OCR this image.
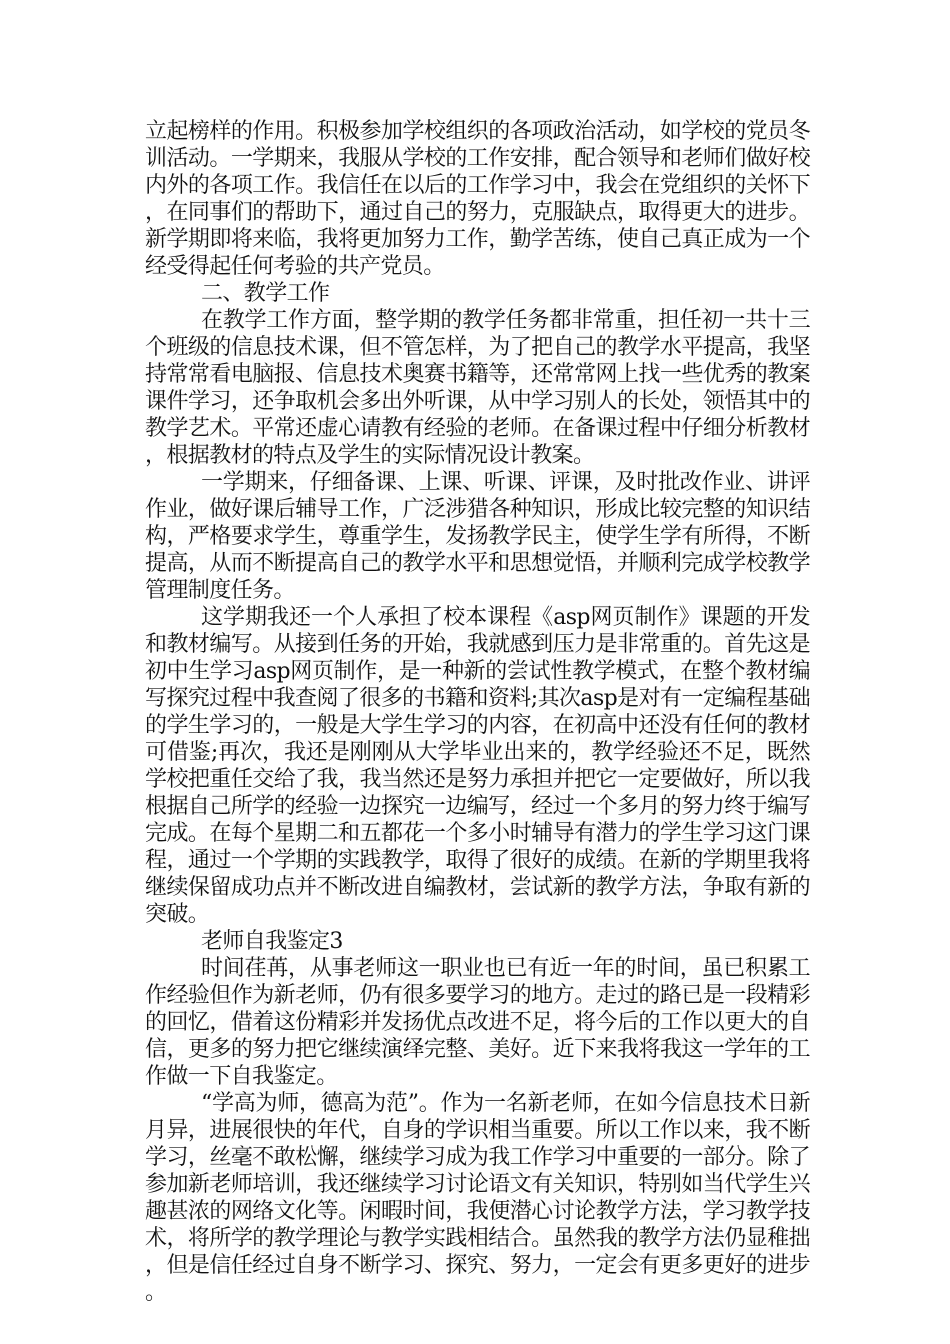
立起榜样的作用。积极参加学校组织的各项政治活动，如学校的党员冬训活动。一学期来，我服从学校的工作安排，配合领导和老师们做好校内外的各项工作。我信任在以后的工作学习中，我会在党组织的关怀下，在同事们的帮助下，通过自己的努力，克服缺点，取得更大的进步。新学期即将来临，我将更加努力工作，勤学苦练，使自己真正成为一个经受得起任何考验的共产党员。

二、教学工作

在教学工作方面，整学期的教学任务都非常重，担任初一共十三个班级的信息技术课，但不管怎样，为了把自己的教学水平提高，我坚持常常看电脑报、信息技术奥赛书籍等，还常常网上找一些优秀的教案课件学习，还争取机会多出外听课，从中学习别人的长处，领悟其中的教学艺术。平常还虚心请教有经验的老师。在备课过程中仔细分析教材，根据教材的特点及学生的实际情况设计教案。

一学期来，仔细备课、上课、听课、评课，及时批改作业、讲评作业，做好课后辅导工作，广泛涉猎各种知识，形成比较完整的知识结构，严格要求学生，尊重学生，发扬教学民主，使学生学有所得，不断提高，从而不断提高自己的教学水平和思想觉悟，并顺利完成学校教学管理制度任务。

这学期我还一个人承担了校本课程《asp网页制作》课题的开发和教材编写。从接到任务的开始，我就感到压力是非常重的。首先这是初中生学习asp网页制作，是一种新的尝试性教学模式，在整个教材编写探究过程中我查阅了很多的书籍和资料;其次asp是对有一定编程基础的学生学习的，一般是大学生学习的内容，在初高中还没有任何的教材可借鉴;再次，我还是刚刚从大学毕业出来的，教学经验还不足，既然学校把重任交给了我，我当然还是努力承担并把它一定要做好，所以我根据自己所学的经验一边探究一边编写，经过一个多月的努力终于编写完成。在每个星期二和五都花一个多小时辅导有潜力的学生学习这门课程，通过一个学期的实践教学，取得了很好的成绩。在新的学期里我将继续保留成功点并不断改进自编教材，尝试新的教学方法，争取有新的突破。

老师自我鉴定3

时间荏苒，从事老师这一职业也已有近一年的时间，虽已积累工作经验但作为新老师，仍有很多要学习的地方。走过的路已是一段精彩的回忆，借着这份精彩并发扬优点改进不足，将今后的工作以更大的自信，更多的努力把它继续演绎完整、美好。近下来我将我这一学年的工作做一下自我鉴定。

“学高为师，德高为范”。作为一名新老师，在如今信息技术日新月异，进展很快的年代，自身的学识相当重要。所以工作以来，我不断学习，丝毫不敢松懈，继续学习成为我工作学习中重要的一部分。除了参加新老师培训，我还继续学习讨论语文有关知识，特别如当代学生兴趣甚浓的网络文化等。闲暇时间，我便潜心讨论教学方法，学习教学技术，将所学的教学理论与教学实践相结合。虽然我的教学方法仍显稚拙，但是信任经过自身不断学习、探究、努力，一定会有更多更好的进步。
